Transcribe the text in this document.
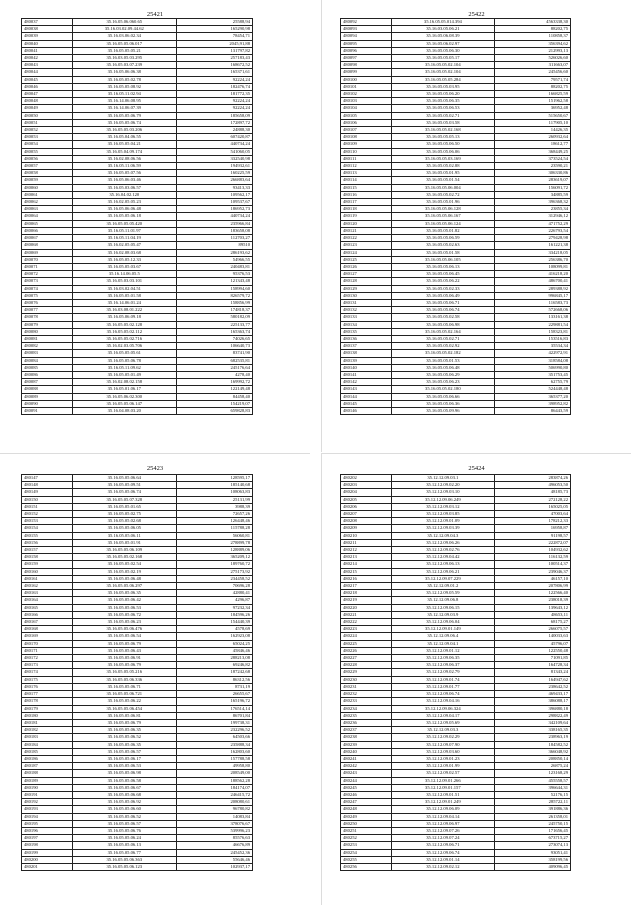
25421
480037	35.16.05.06.060.65	25588,94
480038	35.16.03.02.09.44.62	165290,98
480039	35.16.03.06.02.34	78454,71
480040	35.16.05.05.06.017	2045,91,88
480041	35.16.05.05.05.21	131797,82
480042	35.16.03.05.03.295	257183,43
480043	35.16.05.03.07.239	168672,52
480044	35.16.05.06.06.38	165371,61
480045	35.16.05.05.02.78	92224,24
480046	35.16.05.05.08.92	182476,74
480047	35.16.05.11.02.94	181772,35
480048	35.16.14.06.08.95	92224,24
480049	35.16.14.06.07.39	92224,24
480050	35.16.05.05.06.79	185658,09
480051	35.16.05.05.06.74	172897,72
480052	35.16.05.05.03.206	24888,30
480053	35.16.05.04.06.55	607420,87
480054	35.16.05.05.04.21	440734,24
480055	35.16.05.04.09.174	541060,05
480056	35.16.02.08.06.56	332540,98
480057	35.16.05.11.06.59	194932,61
480058	35.16.05.05.07.56	160225,59
480059	35.16.05.06.03.46	266883,64
480060	35.16.05.03.06.57	93413,33
480061	35.16.04.02.120	109562,17
480062	35.16.02.05.05.23	109537,67
480063	35.16.05.06.06.48	186952,73
480064	35.16.05.05.06.18	440734,24
480065	35.16.05.05.05.420	235966,84
480066	35.16.05.11.01.97	183658,08
480067	35.16.05.11.04.19	112703,27
480068	35.16.02.05.05.47	89510
480069	35.16.02.08.03.68	286193,62
480070	35.16.05.05.12.33	54966,55
480071	35.16.05.05.03.67	240483,81
480072	35.16.14.06.05.5	95376,53
480073	35.16.05.03.03.101	121343,48
480074	35.16.03.02.04.51	158994,60
480075	35.16.05.05.01.58	826579,72
480076	35.16.14.06.01.24	158856,99
480077	35.16.03.08.01.222	174818,37
480078	35.16.05.06.09.18	580182,09
480079	35.16.05.05.02.128	225133,77
480080	35.16.05.05.02.112	165363,74
480081	35.16.05.05.02.716	74026,65
480082	35.16.02.03.05.706	106640,73
480083	35.16.05.05.05.61	83741,90
480084	35.16.05.05.06.78	682535,81
480085	35.16.05.11.09.62	245176,64
480086	35.16.05.05.01.49	4278,40
480087	35.16.02.08.02.158	169992,72
480088	35.16.05.01.06.17	122149,48
480089	35.16.05.06.02.300	84458,40
480090	35.16.05.05.06.147	154219,07
480091	35.16.04.08.03.20	659828,83
25422
480092	35.16.05.05.014.394	4563338,30
480093	35.16.03.05.06.21	88202,75
480094	35.16.05.06.08.39	110858,37
480095	35.16.05.06.02.97	356394,62
480096	35.16.05.05.06.30	212993,13
480097	35.16.05.05.05.17	526026,60
480098	35.16.05.05.02.104	311663,07
480099	35.16.05.05.02.104	245456,60
480100	35.16.05.05.05.284	79571,74
480101	35.16.05.05.03.95	88202,75
480102	35.16.05.05.06.20	166825,59
480103	35.16.05.05.06.35	151962,58
480104	35.16.05.05.06.53	36952,48
480105	35.16.05.05.02.71	515650,67
480106	35.16.05.05.03.58	117905,10
480107	35.16.05.05.02.168	14426,35
480108	35.16.05.05.05.13	260932,64
480109	35.16.05.05.06.50	18612,77
480110	35.16.05.05.06.06	368449,25
480111	35.16.05.05.03.169	373524,54
480112	35.16.05.05.02.88	23590,21
480113	35.16.05.05.01.95	306330,86
480114	35.16.05.05.01.54	283619,07
480115	35.16.05.05.06.004	156091,72
480116	35.16.05.05.02.72	34885,59
480117	35.16.05.05.01.96	396368,32
480118	35.16.05.05.06.128	23855,34
480119	35.16.05.05.06.167	312946,12
480120	35.16.05.05.06.124	471752,29
480121	35.16.05.05.01.82	226793,54
480122	35.16.05.05.06.59	279428,98
480123	35.16.05.05.02.63	161221,38
480124	35.16.05.05.01.58	334218,05
480125	35.16.05.05.06.105	256386,70
480126	35.16.05.05.06.13	108099,81
480127	35.16.05.05.06.45	416218,20
480128	35.16.05.05.06.22	486700,41
480129	35.16.05.05.02.33	289388,92
480130	35.16.05.05.06.49	996845,17
480131	35.16.05.05.06.71	116583,73
480132	35.16.05.05.06.74	572668,06
480133	35.16.05.05.02.58	133161,38
480134	35.16.05.05.06.98	229881,54
480135	35.16.05.05.02.164	158323,81
480136	35.16.05.05.02.71	153516,83
480137	35.16.05.05.02.92	35534,34
480138	35.16.05.05.02.182	422972,91
480139	35.16.05.05.01.53	318584,08
480140	35.16.05.05.06.48	506990,80
480141	35.16.05.05.06.29	351753,45
480142	35.16.05.05.06.23	62755,79
480143	35.16.05.05.02.180	524448,48
480144	35.16.05.05.06.66	365377,20
480145	35.16.05.05.06.36	398952,82
480146	35.16.05.05.09.96	86443,59
25423
480147	35.16.05.05.06.64	128595,17
480148	35.16.05.05.09.51	185140,68
480149	35.16.05.05.06.74	108063,83
480150	35.16.05.05.07.328	25131,99
480151	35.16.05.05.01.65	3988,39
480152	35.16.05.05.02.75	72657,26
480153	35.16.05.05.02.68	126448,46
480154	35.16.05.05.06.05	115788,28
480155	35.16.05.05.06.11	56060,81
480156	35.16.05.05.01.91	278899,78
480157	35.16.05.05.06.109	128889,06
480158	35.16.05.05.02.168	365209,12
480159	35.16.05.05.02.54	189760,72
480160	35.16.05.05.02.19	275173,92
480161	35.16.05.05.06.48	234458,52
480162	35.16.05.05.06.297	70696,28
480163	35.16.05.05.06.35	42880,41
480164	35.16.05.05.06.42	4296,87
480165	35.16.05.05.06.53	97232,34
480166	35.16.05.05.06.72	184596,26
480167	35.16.05.05.06.23	154440,39
480168	35.16.05.05.06.476	4578,69
480169	35.16.05.05.06.54	162923,08
480170	35.16.05.05.06.79	65024,25
480171	35.16.05.05.06.43	45846,46
480172	35.16.05.05.06.91	288213,08
480173	35.16.05.05.06.79	69246,82
480174	35.16.05.05.05.216	187242,68
480175	35.16.05.05.06.336	86312,56
480176	35.16.05.05.06.71	8731,19
480177	35.16.05.05.06.721	26655,67
480178	35.16.05.05.06.22	165196,72
480179	35.16.05.05.06.454	176514,14
480180	35.16.05.05.06.81	86701,84
480181	35.16.05.05.06.79	199738,31
480182	35.16.05.05.06.35	232296,52
480183	35.16.05.05.06.52	64503,66
480184	35.16.05.05.06.35	235888,34
480185	35.16.05.05.06.57	162803,60
480186	35.16.05.05.06.17	157788,58
480187	35.16.05.05.06.53	49958,80
480188	35.16.05.05.06.98	208549,00
480189	35.16.05.05.06.58	188562,28
480190	35.16.05.05.06.67	184174,07
480191	35.16.05.05.06.68	246415,72
480192	35.16.05.05.06.92	208080,61
480193	35.16.05.05.06.60	96780,82
480194	35.16.05.05.06.52	14083,84
480195	35.16.05.05.06.57	378076,67
480196	35.16.05.05.06.76	539996,23
480197	35.16.05.05.06.24	85576,63
480198	35.16.05.05.06.13	46676,89
480199	35.16.05.05.06.77	245452,36
480200	35.16.05.05.06.363	55646,46
480201	35.16.05.05.06.123	102937,17
25424
480202	35.12.12.09.03.1	283874,26
480203	35.12.12.09.02.20	496053,50
480204	35.12.12.09.03.10	48185,73
480205	35.12.12.09.06.249	272128,22
480206	35.12.12.09.03.12	165025,05
480207	35.12.12.09.03.85	47003,64
480208	35.12.12.09.01.09	178212,33
480209	35.12.12.09.03.39	16958,87
480210	35.12.12.09.04.3	91198,57
480211	35.12.12.09.06.26	222872,07
480212	35.12.12.09.02.76	104932,62
480213	35.12.12.09.04.42	116132,59
480214	35.12.12.09.06.13	100514,37
480215	35.12.12.09.06.21	239046,37
480216	35.12.12.09.07.229	46157,10
480217	35.12.12.09.01.2	207806,99
480218	35.12.12.09.05.59	122566,40
480219	35.12.12.09.06.8	238018,39
480220	35.12.12.09.06.15	139643,12
480221	35.12.12.09.03.9	48653,11
480222	35.12.12.09.06.04	68175,27
480223	35.12.12.09.01.149	266075,57
480224	35.12.12.09.06.4	140033,63
480225	35.12.12.09.04.1	45796,07
480226	35.12.12.09.01.12	122550,48
480227	35.12.12.09.06.35	71091,85
480228	35.12.12.09.06.37	164728,34
480229	35.12.12.09.02.79	81343,24
480230	35.12.12.09.01.74	164947,62
480231	35.12.12.09.01.77	238642,52
480232	35.12.12.09.06.74	469433,17
480233	35.12.12.09.04.16	386088,17
480234	35.12.12.09.06.324	396880,18
480235	35.12.12.09.04.17	298822,49
480236	35.12.12.09.05.69	342109,64
480237	35.12.12.09.03.3	338165,35
480238	35.12.12.09.02.29	238963,19
480239	35.12.12.09.07.90	184582,52
480240	35.12.12.09.03.60	366048,92
480241	35.12.12.09.01.23	208850,14
480242	35.12.12.09.01.99	26875,24
480243	35.12.12.09.02.57	123168,29
480244	35.12.12.09.01.266	455558,57
480245	35.12.12.09.01.157	396644,31
480246	35.12.12.09.01.51	52176,15
480247	35.12.12.09.01.249	285722,11
480248	35.12.12.09.06.09	391886,36
480249	35.12.12.09.04.14	261358,01
480250	35.12.12.09.06.97	245750,15
480251	35.12.12.09.07.26	171656,45
480252	35.12.12.09.07.24	673715,27
480253	35.12.12.09.06.71	273074,13
480254	35.12.12.09.06.74	93051,41
480255	35.12.12.09.01.14	358199,56
480256	35.12.12.09.02.12	409096,45
